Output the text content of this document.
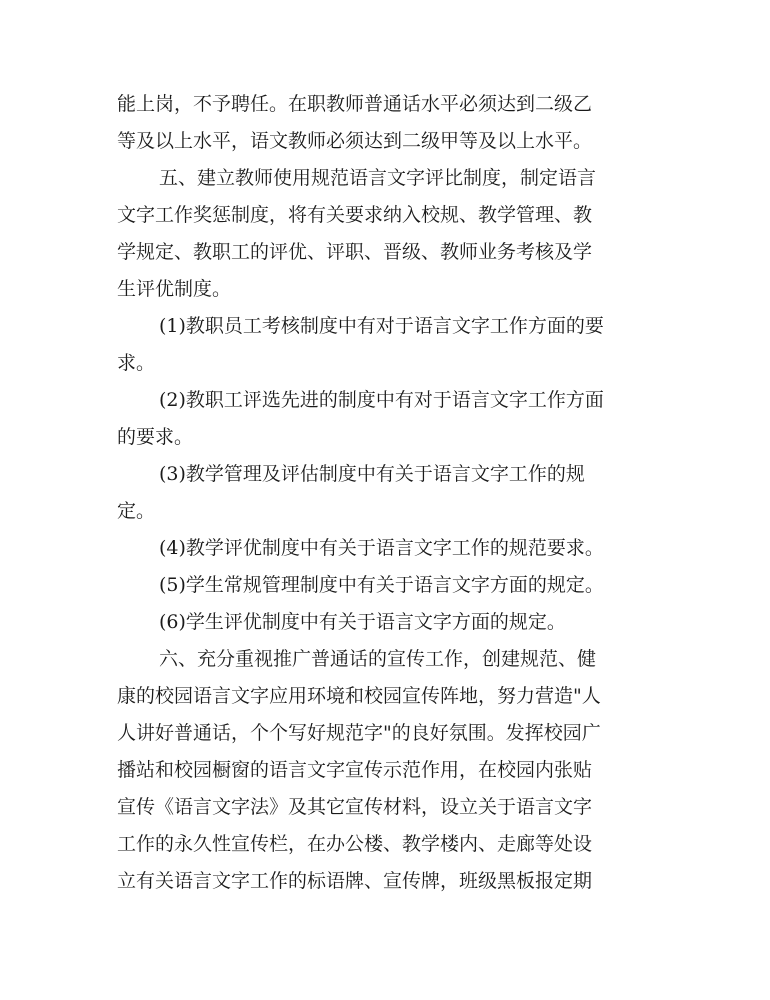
能上岗，不予聘任。在职教师普通话水平必须达到二级乙
等及以上水平，语文教师必须达到二级甲等及以上水平。
五、建立教师使用规范语言文字评比制度，制定语言
文字工作奖惩制度，将有关要求纳入校规、教学管理、教
学规定、教职工的评优、评职、晋级、教师业务考核及学
生评优制度。
(1)教职员工考核制度中有对于语言文字工作方面的要
求。
(2)教职工评选先进的制度中有对于语言文字工作方面
的要求。
(3)教学管理及评估制度中有关于语言文字工作的规
定。
(4)教学评优制度中有关于语言文字工作的规范要求。
(5)学生常规管理制度中有关于语言文字方面的规定。
(6)学生评优制度中有关于语言文字方面的规定。
六、充分重视推广普通话的宣传工作，创建规范、健
康的校园语言文字应用环境和校园宣传阵地，努力营造"人
人讲好普通话，个个写好规范字"的良好氛围。发挥校园广
播站和校园橱窗的语言文字宣传示范作用，在校园内张贴
宣传《语言文字法》及其它宣传材料，设立关于语言文字
工作的永久性宣传栏，在办公楼、教学楼内、走廊等处设
立有关语言文字工作的标语牌、宣传牌，班级黑板报定期
